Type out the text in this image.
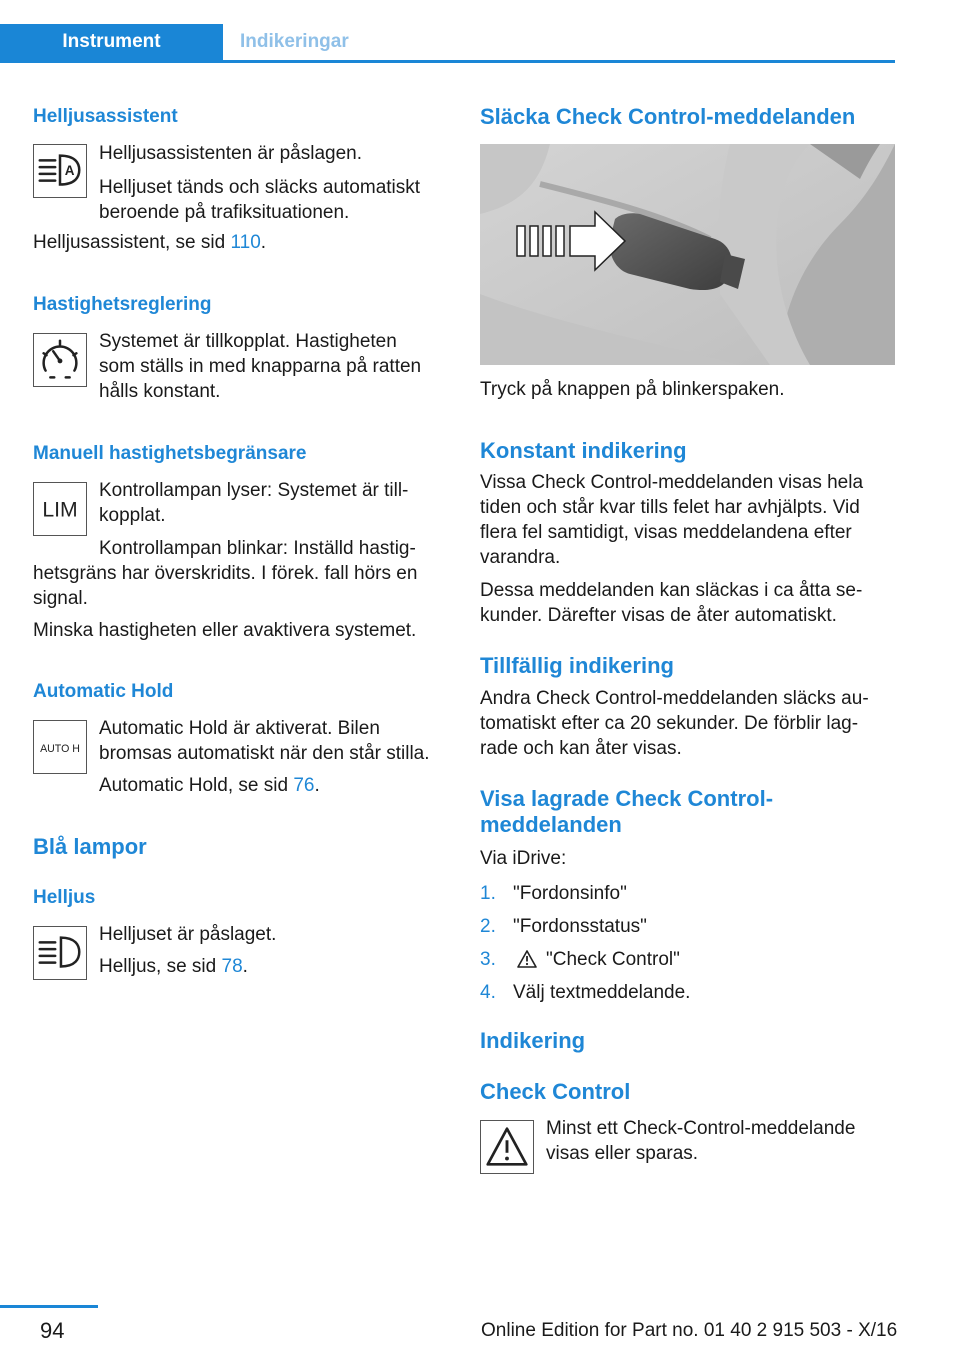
Instrument	Indikeringar
Helljusassistent
A
Helljusassistenten är påslagen.
Helljuset tänds och släcks automatiskt
beroende på trafiksituationen.
Helljusassistent, se sid 110.
Hastighetsreglering
Systemet är tillkopplat. Hastigheten
som ställs in med knapparna på ratten
hålls konstant.
Manuell hastighetsbegränsare
LIM
Kontrollampan lyser: Systemet är till-
kopplat.
Kontrollampan blinkar: Inställd hastig-
hetsgräns har överskridits. I förek. fall hörs en
signal.
Minska hastigheten eller avaktivera systemet.
Automatic Hold
AUTO H
Automatic Hold är aktiverat. Bilen
bromsas automatiskt när den står stilla.
Automatic Hold, se sid 76.
Blå lampor
Helljus
Helljuset är påslaget.
Helljus, se sid 78.
Släcka Check Control-meddelanden
Tryck på knappen på blinkerspaken.
Konstant indikering
Vissa Check Control-meddelanden visas hela
tiden och står kvar tills felet har avhjälpts. Vid
flera fel samtidigt, visas meddelandena efter
varandra.
Dessa meddelanden kan släckas i ca åtta se-
kunder. Därefter visas de åter automatiskt.
Tillfällig indikering
Andra Check Control-meddelanden släcks au-
tomatiskt efter ca 20 sekunder. De förblir lag-
rade och kan åter visas.
Visa lagrade Check Control-
meddelanden
Via iDrive:
1. "Fordonsinfo"
2. "Fordonsstatus"
3.	"Check Control"
4. Välj textmeddelande.
Indikering
Check Control
Minst ett Check-Control-meddelande
visas eller sparas.
94	Online Edition for Part no. 01 40 2 915 503 - X/16
